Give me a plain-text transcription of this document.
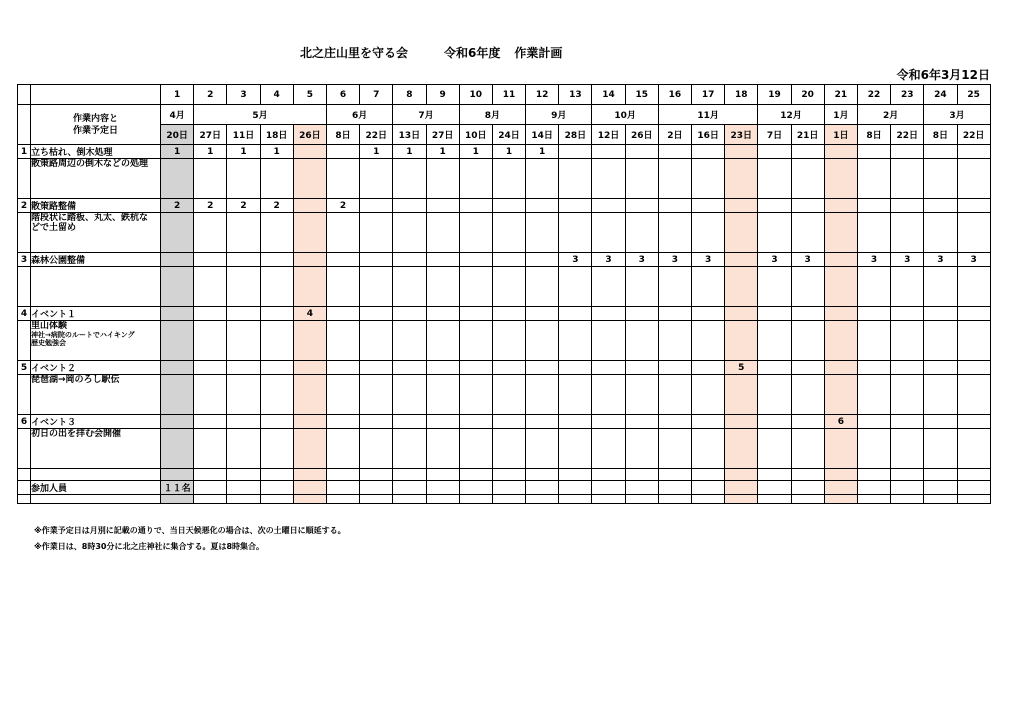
北之庄山里を守る会	令和6年度 作業計画
令和6年3月12日
		1	2	3	4	5	6	7	8	9	10	11	12	13	14	15	16	17	18	19	20	21	22	23	24	25

	作業内容と
作業予定日	4月	5月				6月		7月		8月		9月		10月		11月			12月		1月	2月		3月	
		20日	27日	11日	18日	26日	8日	22日	13日	27日	10日	24日	14日	28日	12日	26日	2日	16日	23日	7日	21日	1日	8日	22日	8日	22日
1	立ち枯れ、倒木処理	1	1	1	1			1	1	1	1	1	1													

	散策路周辺の倒木などの処理																									

2	散策路整備	2	2	2	2		2																			

	階段状に踏板、丸太、鉄杭な
どで土留め																									

3	森林公園整備													3	3	3	3	3		3	3		3	3	3	3

4	イベント１					4																				

	里山体験
神社→病院のルートでハイキング
歴史勉強会																									

5	イベント２																		5							

	琵琶湖→岡のろし駅伝																									

6	イベント３																					6				

	初日の出を拝む会開催																									

	参加人員	１１名																								

※作業予定日は月別に記載の通りで、当日天候悪化の場合は、次の土曜日に順延する。
※作業日は、8時30分に北之庄神社に集合する。夏は8時集合。
